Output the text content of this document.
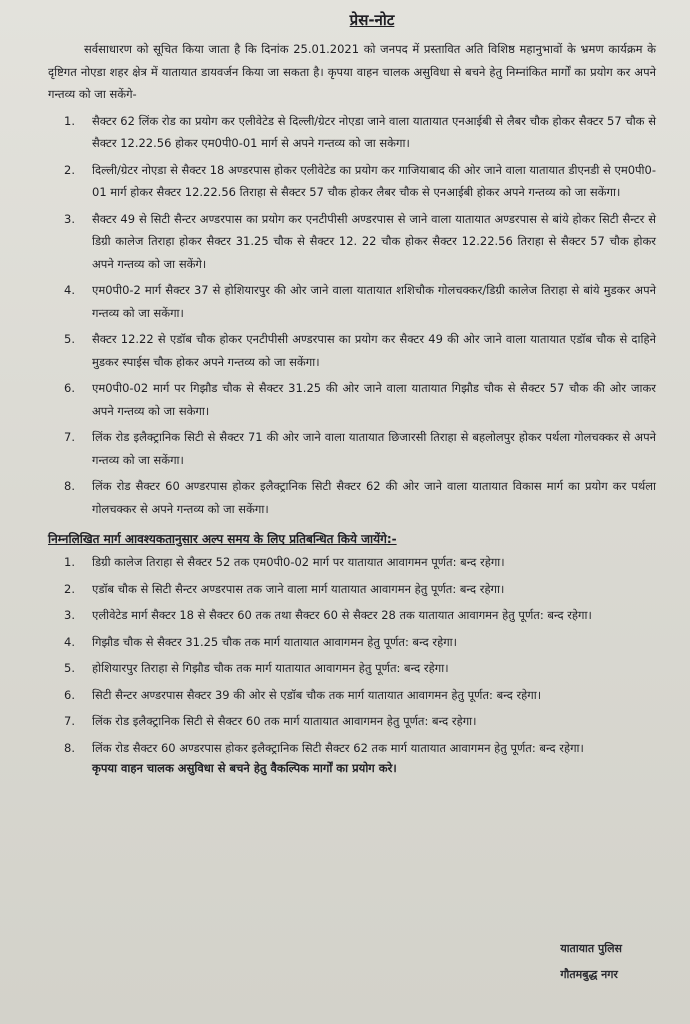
प्रेस-नोट

सर्वसाधारण को सूचित किया जाता है कि दिनांक 25.01.2021 को जनपद में प्रस्तावित अति विशिष्ठ महानुभावों के भ्रमण कार्यक्रम के दृष्टिगत नोएडा शहर क्षेत्र में यातायात डायवर्जन किया जा सकता है। कृपया वाहन चालक असुविधा से बचने हेतु निम्नांकित मार्गों का प्रयोग कर अपने गन्तव्य को जा सकेंगे-

1.	सैक्टर 62 लिंक रोड का प्रयोग कर एलीवेटेड से दिल्ली/ग्रेटर नोएडा जाने वाला यातायात एनआईबी से लैबर चौक होकर सैक्टर 57 चौक से सैक्टर 12.22.56 होकर एम0पी0-01 मार्ग से अपने गन्तव्य को जा सकेगा।
2.	दिल्ली/ग्रेटर नोएडा से सैक्टर 18 अण्डरपास होकर एलीवेटेड का प्रयोग कर गाजियाबाद की ओर जाने वाला यातायात डीएनडी से एम0पी0-01 मार्ग होकर सैक्टर 12.22.56 तिराहा से सैक्टर 57 चौक होकर लैबर चौक से एनआईबी होकर अपने गन्तव्य को जा सकेंगा।
3.	सैक्टर 49 से सिटी सैन्टर अण्डरपास का प्रयोग कर एनटीपीसी अण्डरपास से जाने वाला यातायात अण्डरपास से बांये होकर सिटी सैन्टर से डिग्री कालेज तिराहा होकर सैक्टर 31.25 चौक से सैक्टर 12. 22 चौक होकर सैक्टर 12.22.56 तिराहा से सैक्टर 57 चौक होकर अपने गन्तव्य को जा सकेंगे।
4.	एम0पी0-2 मार्ग सैक्टर 37 से होशियारपुर की ओर जाने वाला यातायात शशिचौक गोलचक्कर/डिग्री कालेज तिराहा से बांये मुडकर अपने गन्तव्य को जा सकेंगा।
5.	सैक्टर 12.22 से एडॉब चौक होकर एनटीपीसी अण्डरपास का प्रयोग कर सैक्टर 49 की ओर जाने वाला यातायात एडॉब चौक से दाहिने मुडकर स्पाईस चौक होकर अपने गन्तव्य को जा सकेंगा।
6.	एम0पी0-02 मार्ग पर गिझौड चौक से सैक्टर 31.25 की ओर जाने वाला यातायात गिझौड चौक से सैक्टर 57 चौक की ओर जाकर अपने गन्तव्य को जा सकेगा।
7.	लिंक रोड इलैक्ट्रानिक सिटी से सैक्टर 71 की ओर जाने वाला यातायात छिजारसी तिराहा से बहलोलपुर होकर पर्थला गोलचक्कर से अपने गन्तव्य को जा सकेंगा।
8.	लिंक रोड सैक्टर 60 अण्डरपास होकर इलैक्ट्रानिक सिटी सैक्टर 62 की ओर जाने वाला यातायात विकास मार्ग का प्रयोग कर पर्थला गोलचक्कर से अपने गन्तव्य को जा सकेंगा।
निम्नलिखित मार्ग आवश्यकतानुसार अल्प समय के लिए प्रतिबन्धित किये जायेंगे:-
1.	डिग्री कालेज तिराहा से सैक्टर 52 तक एम0पी0-02 मार्ग पर यातायात आवागमन पूर्णत: बन्द रहेगा।
2.	एडॉब चौक से सिटी सैन्टर अण्डरपास तक जाने वाला मार्ग यातायात आवागमन हेतु पूर्णत: बन्द रहेगा।
3.	एलीवेटेड मार्ग सैक्टर 18 से सैक्टर 60 तक तथा सैक्टर 60 से सैक्टर 28 तक यातायात आवागमन हेतु पूर्णत: बन्द रहेगा।
4.	गिझौड चौक से सैक्टर 31.25 चौक तक मार्ग यातायात आवागमन हेतु पूर्णत: बन्द रहेगा।
5.	होशियारपुर तिराहा से गिझौड चौक तक मार्ग यातायात आवागमन हेतु पूर्णत: बन्द रहेगा।
6.	सिटी सैन्टर अण्डरपास सैक्टर 39 की ओर से एडॉब चौक तक मार्ग यातायात आवागमन हेतु पूर्णत: बन्द रहेगा।
7.	लिंक रोड इलैक्ट्रानिक सिटी से सैक्टर 60 तक मार्ग यातायात आवागमन हेतु पूर्णत: बन्द रहेगा।
8.	लिंक रोड सैक्टर 60 अण्डरपास होकर इलैक्ट्रानिक सिटी सैक्टर 62 तक मार्ग यातायात आवागमन हेतु पूर्णत: बन्द रहेगा।
कृपया वाहन चालक असुविधा से बचने हेतु वैकल्पिक मार्गों का प्रयोग करे।
यातायात पुलिस
गौतमबुद्ध नगर
